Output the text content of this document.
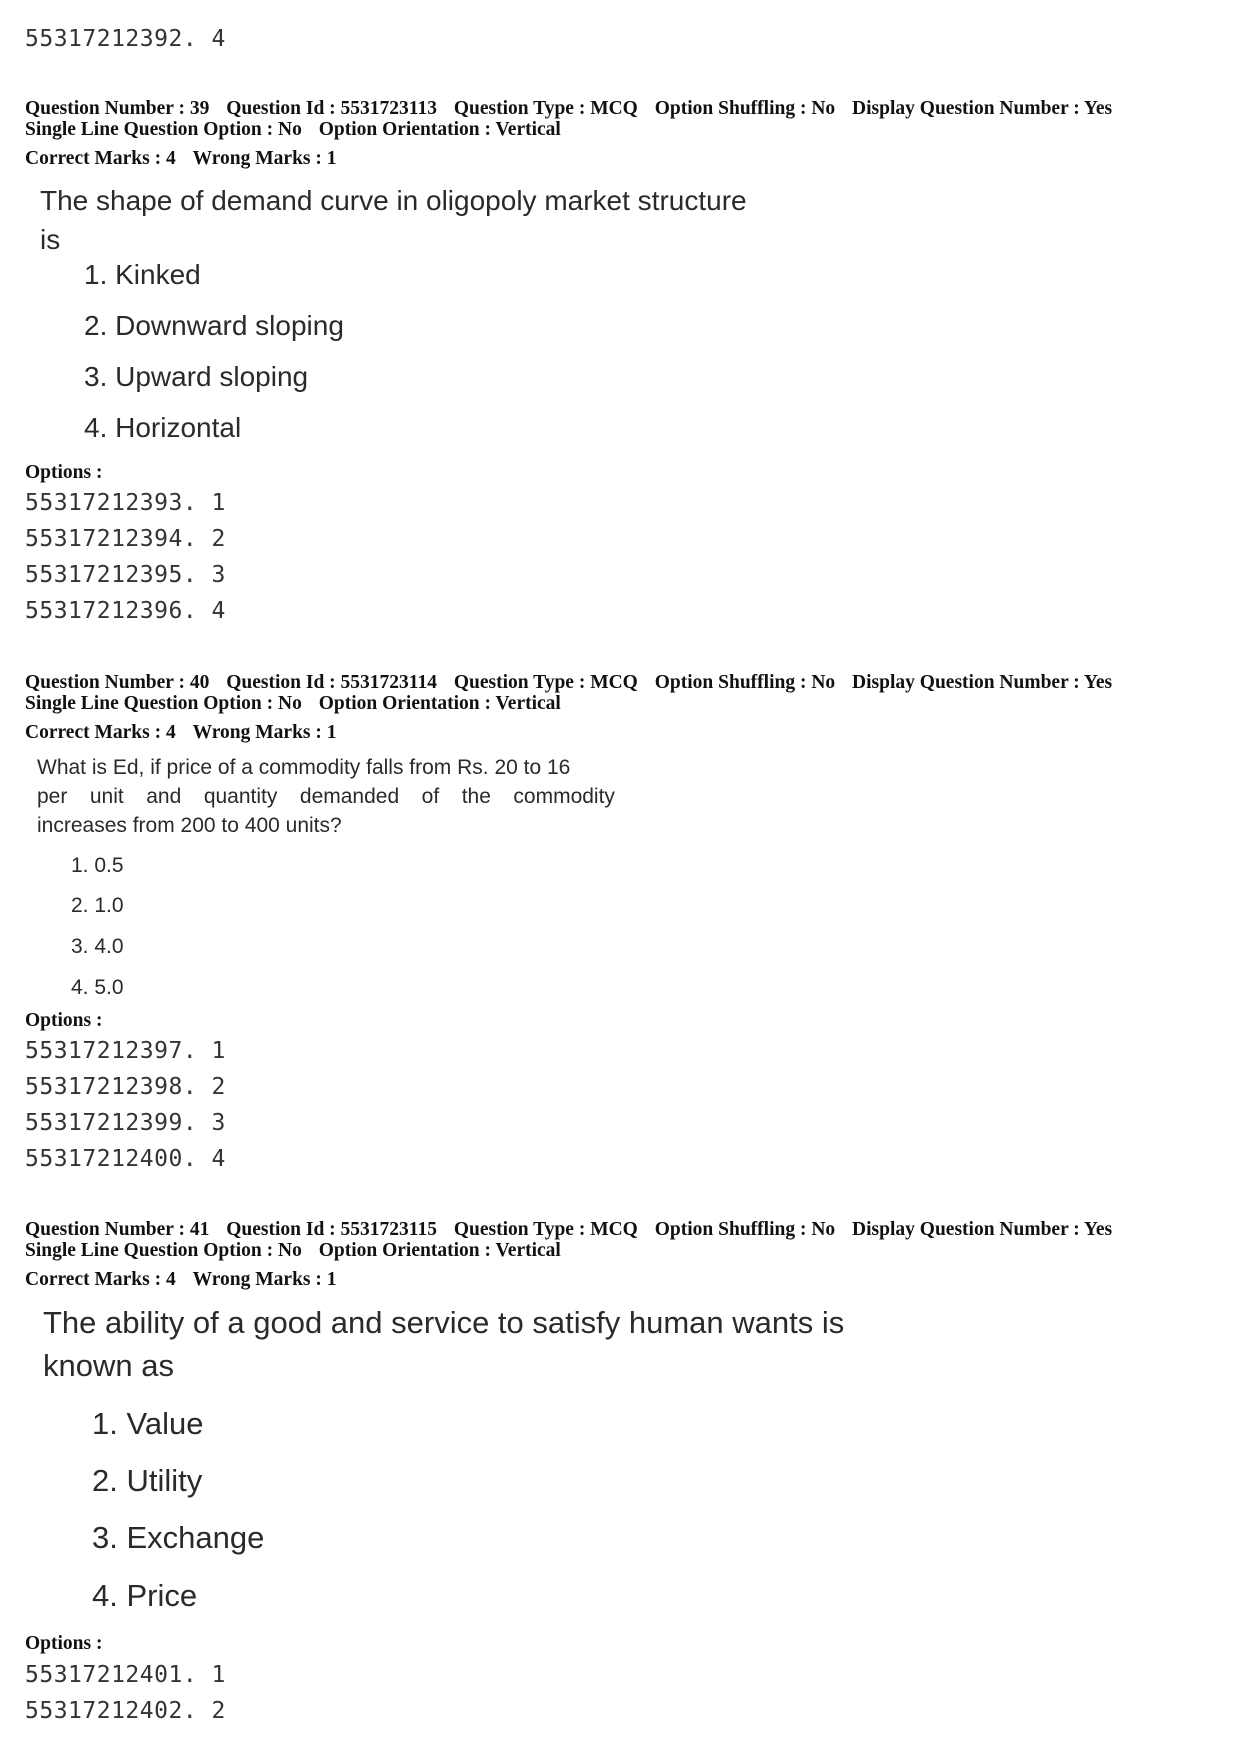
55317212392. 4
Question Number : 39 Question Id : 5531723113 Question Type : MCQ Option Shuffling : No Display Question Number : Yes
Single Line Question Option : No Option Orientation : Vertical
Correct Marks : 4 Wrong Marks : 1
The shape of demand curve in oligopoly market structure
is
1. Kinked
2. Downward sloping
3. Upward sloping
4. Horizontal
Options :
55317212393. 1
55317212394. 2
55317212395. 3
55317212396. 4
Question Number : 40 Question Id : 5531723114 Question Type : MCQ Option Shuffling : No Display Question Number : Yes
Single Line Question Option : No Option Orientation : Vertical
Correct Marks : 4 Wrong Marks : 1
What is Ed, if price of a commodity falls from Rs. 20 to 16
per unit and quantity demanded of the commodity
increases from 200 to 400 units?
1. 0.5
2. 1.0
3. 4.0
4. 5.0
Options :
55317212397. 1
55317212398. 2
55317212399. 3
55317212400. 4
Question Number : 41 Question Id : 5531723115 Question Type : MCQ Option Shuffling : No Display Question Number : Yes
Single Line Question Option : No Option Orientation : Vertical
Correct Marks : 4 Wrong Marks : 1
The ability of a good and service to satisfy human wants is
known as
1. Value
2. Utility
3. Exchange
4. Price
Options :
55317212401. 1
55317212402. 2
